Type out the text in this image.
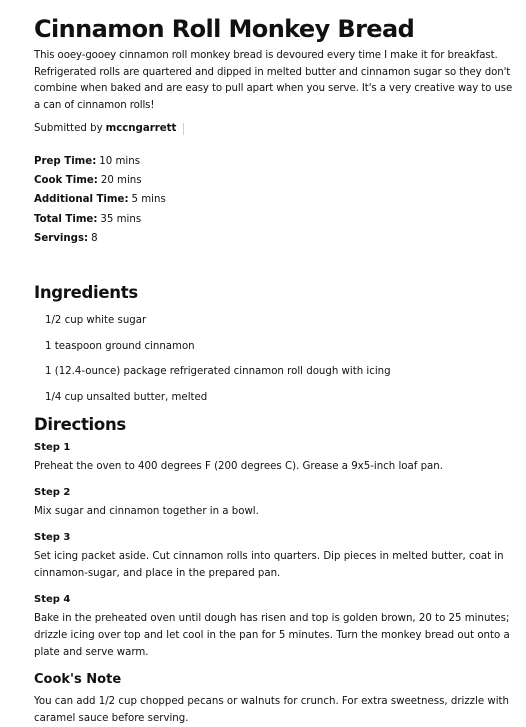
Cinnamon Roll Monkey Bread

This ooey-gooey cinnamon roll monkey bread is devoured every time I make it for breakfast. Refrigerated rolls are quartered and dipped in melted butter and cinnamon sugar so they don't combine when baked and are easy to pull apart when you serve. It's a very creative way to use a can of cinnamon rolls!

Submitted by mccngarrett
Prep Time: 10 mins
Cook Time: 20 mins
Additional Time: 5 mins
Total Time: 35 mins
Servings: 8
Ingredients
1/2 cup white sugar
1 teaspoon ground cinnamon
1 (12.4-ounce) package refrigerated cinnamon roll dough with icing
1/4 cup unsalted butter, melted
Directions

Step 1

Preheat the oven to 400 degrees F (200 degrees C). Grease a 9x5-inch loaf pan.

Step 2

Mix sugar and cinnamon together in a bowl.

Step 3

Set icing packet aside. Cut cinnamon rolls into quarters. Dip pieces in melted butter, coat in cinnamon-sugar, and place in the prepared pan.

Step 4

Bake in the preheated oven until dough has risen and top is golden brown, 20 to 25 minutes; drizzle icing over top and let cool in the pan for 5 minutes. Turn the monkey bread out onto a plate and serve warm.

Cook's Note

You can add 1/2 cup chopped pecans or walnuts for crunch. For extra sweetness, drizzle with caramel sauce before serving.
